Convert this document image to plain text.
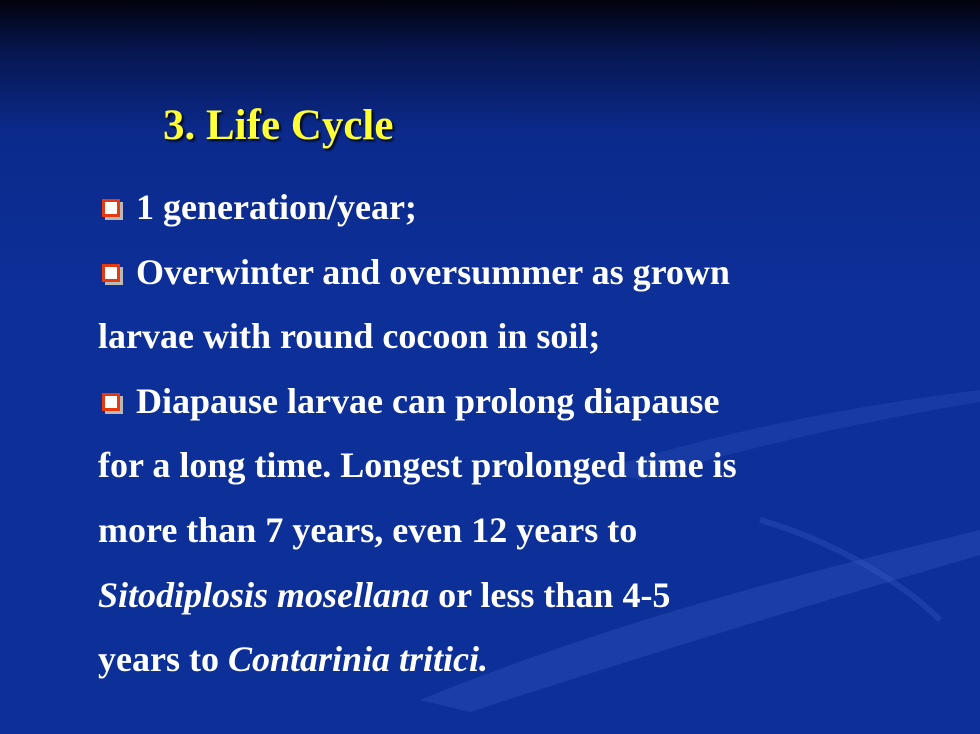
3. Life Cycle
1 generation/year;
Overwinter and oversummer as grown
larvae with round cocoon in soil;
Diapause larvae can prolong diapause
for a long time. Longest prolonged time is
more than 7 years, even 12 years to
Sitodiplosis mosellana or less than 4-5
years to Contarinia tritici.
